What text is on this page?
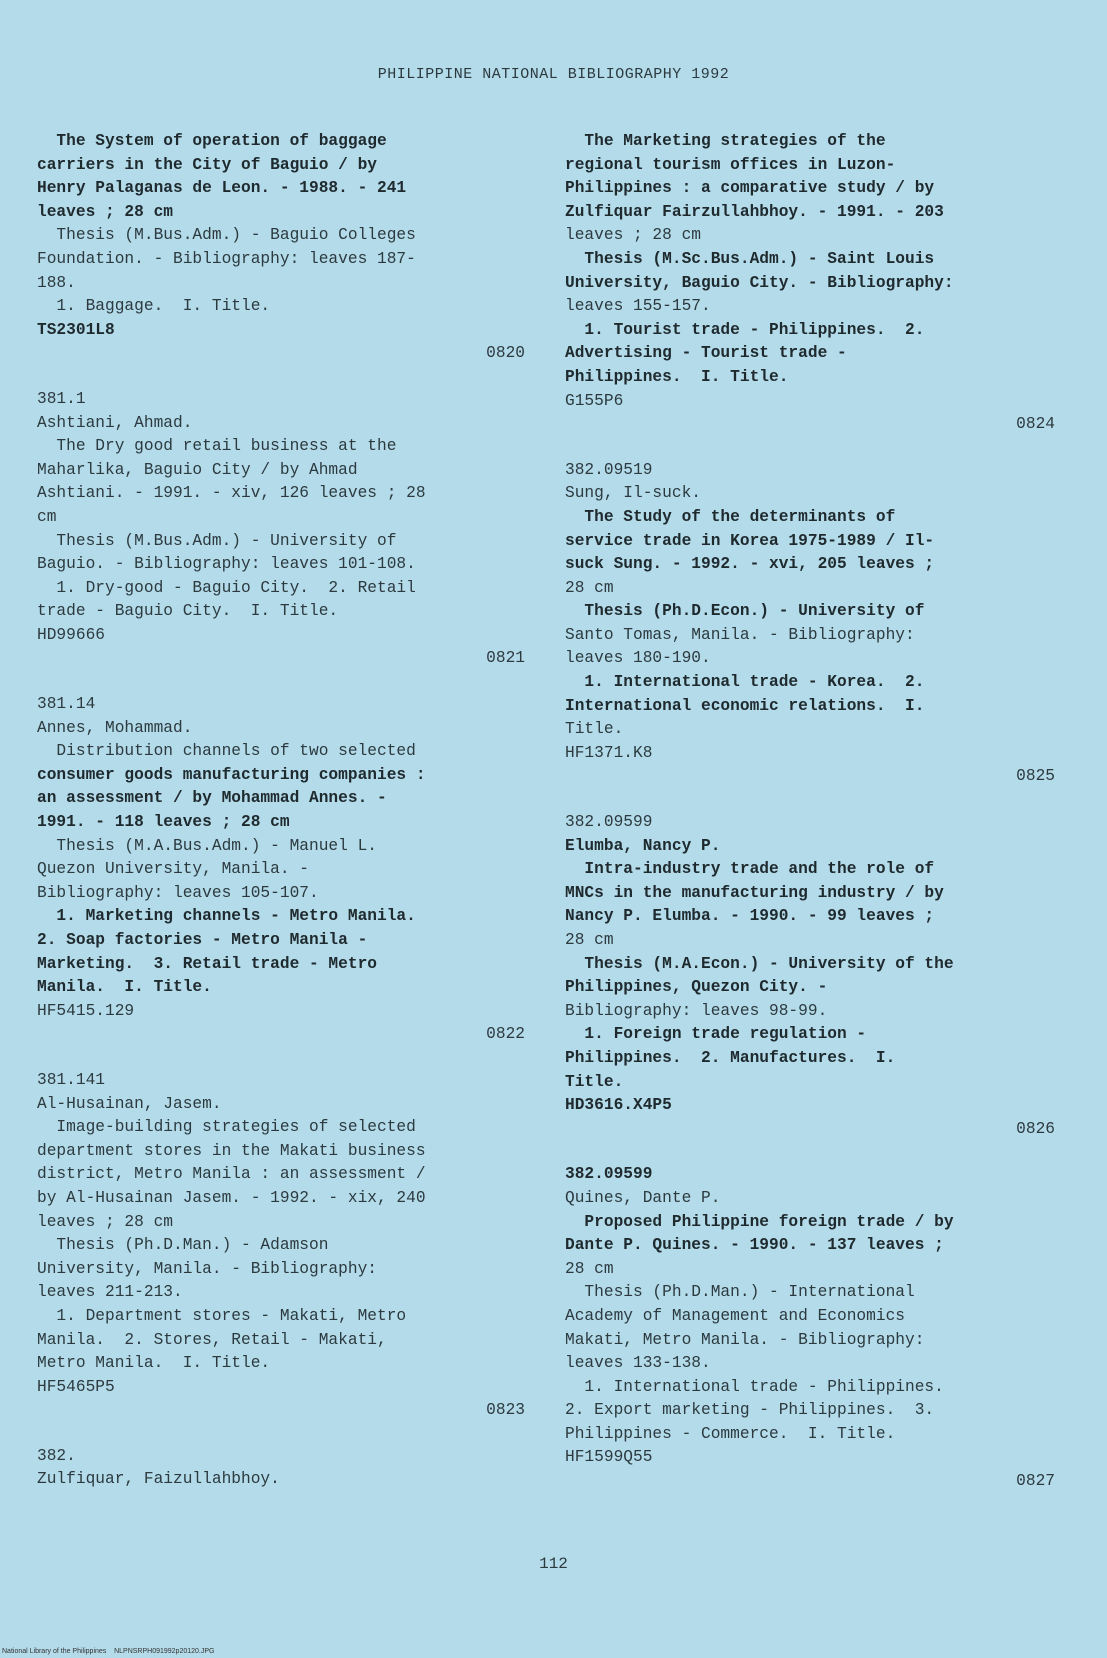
PHILIPPINE NATIONAL BIBLIOGRAPHY 1992
The System of operation of baggage
carriers in the City of Baguio / by
Henry Palaganas de Leon. - 1988. - 241
leaves ; 28 cm
Thesis (M.Bus.Adm.) - Baguio Colleges
Foundation. - Bibliography: leaves 187-
188.
1. Baggage.  I. Title.
TS2301L8
0820
381.1
Ashtiani, Ahmad.
The Dry good retail business at the
Maharlika, Baguio City / by Ahmad
Ashtiani. - 1991. - xiv, 126 leaves ; 28
cm
Thesis (M.Bus.Adm.) - University of
Baguio. - Bibliography: leaves 101-108.
1. Dry-good - Baguio City.  2. Retail
trade - Baguio City.  I. Title.
HD99666
0821
381.14
Annes, Mohammad.
Distribution channels of two selected
consumer goods manufacturing companies :
an assessment / by Mohammad Annes. -
1991. - 118 leaves ; 28 cm
Thesis (M.A.Bus.Adm.) - Manuel L.
Quezon University, Manila. -
Bibliography: leaves 105-107.
1. Marketing channels - Metro Manila.
2. Soap factories - Metro Manila -
Marketing.  3. Retail trade - Metro
Manila.  I. Title.
HF5415.129
0822
381.141
Al-Husainan, Jasem.
Image-building strategies of selected
department stores in the Makati business
district, Metro Manila : an assessment /
by Al-Husainan Jasem. - 1992. - xix, 240
leaves ; 28 cm
Thesis (Ph.D.Man.) - Adamson
University, Manila. - Bibliography:
leaves 211-213.
1. Department stores - Makati, Metro
Manila.  2. Stores, Retail - Makati,
Metro Manila.  I. Title.
HF5465P5
0823
382.
Zulfiquar, Faizullahbhoy.
The Marketing strategies of the
regional tourism offices in Luzon-
Philippines : a comparative study / by
Zulfiquar Fairzullahbhoy. - 1991. - 203
leaves ; 28 cm
Thesis (M.Sc.Bus.Adm.) - Saint Louis
University, Baguio City. - Bibliography:
leaves 155-157.
1. Tourist trade - Philippines.  2.
Advertising - Tourist trade -
Philippines.  I. Title.
G155P6
0824
382.09519
Sung, Il-suck.
The Study of the determinants of
service trade in Korea 1975-1989 / Il-
suck Sung. - 1992. - xvi, 205 leaves ;
28 cm
Thesis (Ph.D.Econ.) - University of
Santo Tomas, Manila. - Bibliography:
leaves 180-190.
1. International trade - Korea.  2.
International economic relations.  I.
Title.
HF1371.K8
0825
382.09599
Elumba, Nancy P.
Intra-industry trade and the role of
MNCs in the manufacturing industry / by
Nancy P. Elumba. - 1990. - 99 leaves ;
28 cm
Thesis (M.A.Econ.) - University of the
Philippines, Quezon City. -
Bibliography: leaves 98-99.
1. Foreign trade regulation -
Philippines.  2. Manufactures.  I.
Title.
HD3616.X4P5
0826
382.09599
Quines, Dante P.
Proposed Philippine foreign trade / by
Dante P. Quines. - 1990. - 137 leaves ;
28 cm
Thesis (Ph.D.Man.) - International
Academy of Management and Economics
Makati, Metro Manila. - Bibliography:
leaves 133-138.
1. International trade - Philippines.
2. Export marketing - Philippines.  3.
Philippines - Commerce.  I. Title.
HF1599Q55
0827
112
National Library of the Philippines NLPNSRPH091992p20120.JPG
